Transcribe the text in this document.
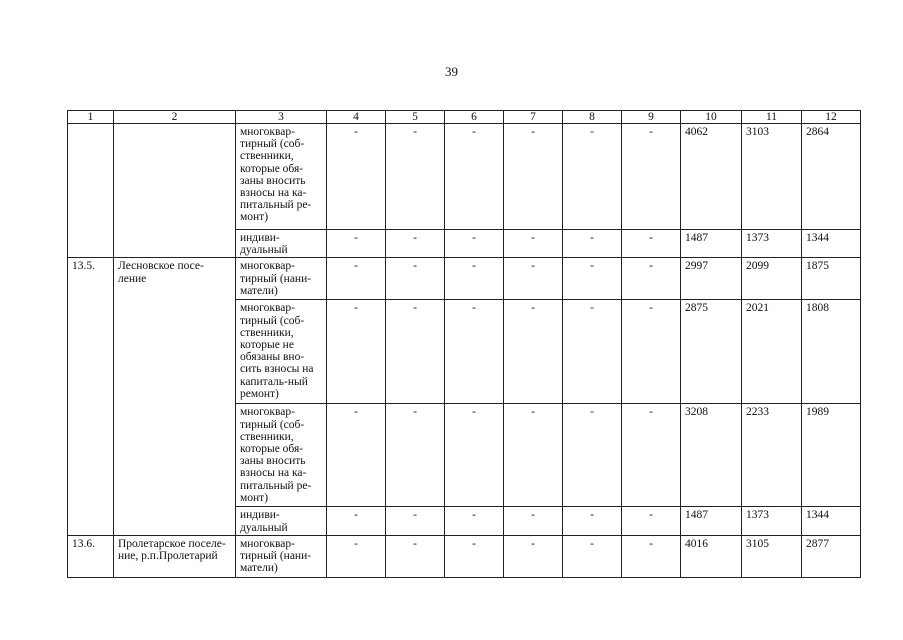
39
1	2	3	4	5	6	7	8	9	10	11	12
		многоквар-тирный (соб-ственники, которые обя-заны вносить взносы на ка-питальный ре-монт)	-	-	-	-	-	-	4062	3103	2864
		индиви-дуальный	-	-	-	-	-	-	1487	1373	1344
13.5.	Лесновское посе-ление	многоквар-тирный (нани-матели)	-	-	-	-	-	-	2997	2099	1875
		многоквар-тирный (соб-ственники, которые не обязаны вно-сить взносы на капиталь-ный ремонт)	-	-	-	-	-	-	2875	2021	1808
		многоквар-тирный (соб-ственники, которые обя-заны вносить взносы на ка-питальный ре-монт)	-	-	-	-	-	-	3208	2233	1989
		индиви-дуальный	-	-	-	-	-	-	1487	1373	1344
13.6.	Пролетарское поселе-ние, р.п.Пролетарий	многоквар-тирный (нани-матели)	-	-	-	-	-	-	4016	3105	2877
